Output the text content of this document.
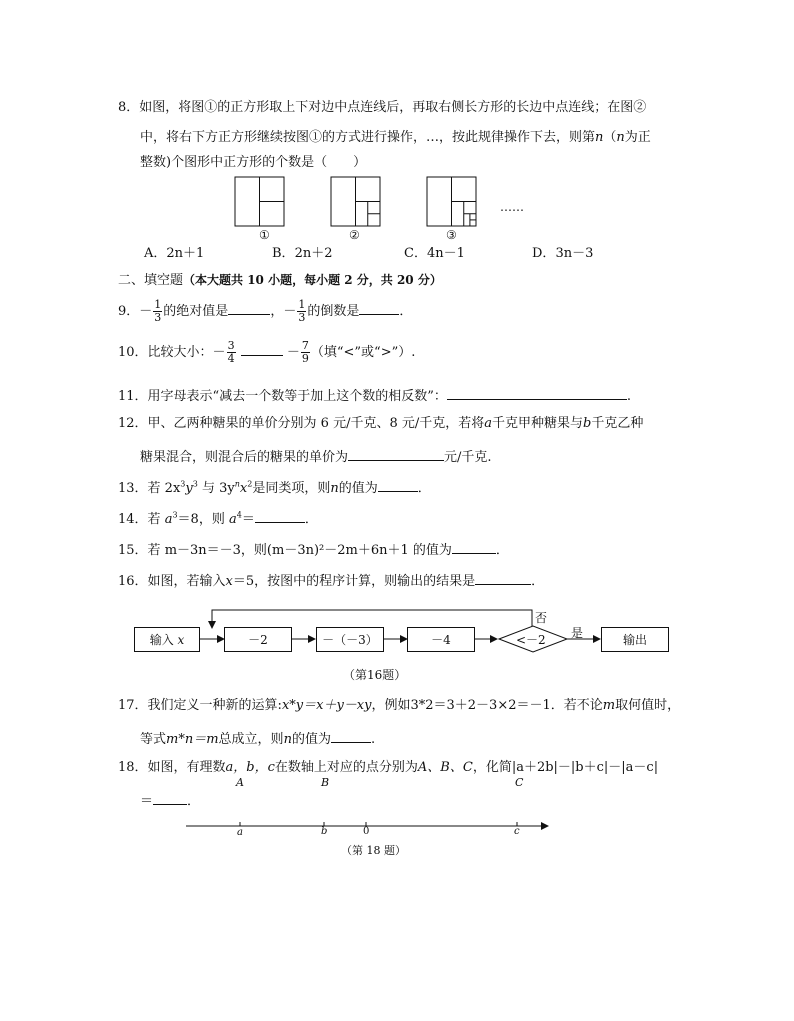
8．如图，将图①的正方形取上下对边中点连线后，再取右侧长方形的长边中点连线；在图②
中，将右下方正方形继续按图①的方式进行操作，…，按此规律操作下去，则第n（n为正
整数)个图形中正方形的个数是（　　）
①	②	③
……
A．2n＋1	B．2n＋2	C．4n－1	D．3n－3
二、填空题（本大题共 10 小题，每小题 2 分，共 20 分）
9．－ $\frac{1}{3}$ 的绝对值是	，－ $\frac{1}{3}$ 的倒数是	．
10．比较大小：－ $\frac{3}{4}$	－ $\frac{7}{9}$ （填“<”或“>”）.
11．用字母表示“减去一个数等于加上这个数的相反数”：	.
12．甲、乙两种糖果的单价分别为 6 元/千克、8 元/千克，若将a千克甲种糖果与b千克乙种
糖果混合，则混合后的糖果的单价为	元/千克.
13．若 $2x^3y^3$ 与 $3y^nx^2$是同类项，则n的值为	．
14．若 $a^3=8$，则 $a^4=$	．
15．若 m－3n＝－3，则(m－3n)²－2m＋6n＋1 的值为	．
16．如图，若输入x＝5，按图中的程序计算，则输出的结果是	．
输入
x	－2	－（－3）	－4	<－2 是
否
输出
（第16题）
17．我们定义一种新的运算:x*y＝x＋y－xy，例如3*2＝3＋2－3×2＝－1．若不论m取何值时，
等式m*n＝m总成立，则n的值为	.
18．如图，有理数a，b，c在数轴上对应的点分别为A、B、C，化简|a＋2b|－|b＋c|－|a－c|
A	B	C
＝	．
a	b	0	c
（第 18 题）
